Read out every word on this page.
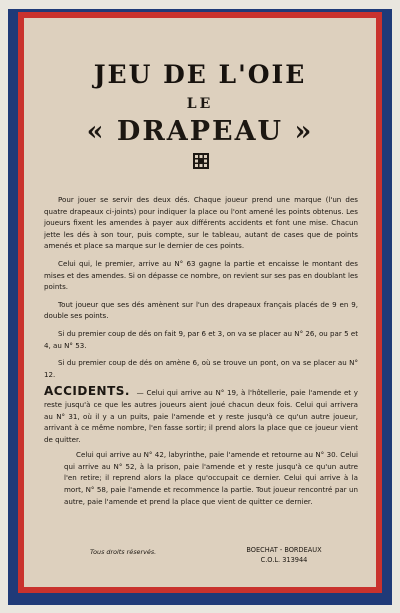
JEU DE L'OIE
LE
« DRAPEAU »

Pour jouer se servir des deux dés. Chaque joueur prend une marque (l'un des quatre drapeaux ci-joints) pour indiquer la place ou l'ont amené les points obtenus. Les joueurs fixent les amendes à payer aux différents accidents et font une mise. Chacun jette les dés à son tour, puis compte, sur le tableau, autant de cases que de points amenés et place sa marque sur le dernier de ces points.

Celui qui, le premier, arrive au N° 63 gagne la partie et encaisse le montant des mises et des amendes. Si on dépasse ce nombre, on revient sur ses pas en doublant les points.

Tout joueur que ses dés amènent sur l'un des drapeaux français placés de 9 en 9, double ses points.

Si du premier coup de dés on fait 9, par 6 et 3, on va se placer au N° 26, ou par 5 et 4, au N° 53.

Si du premier coup de dés on amène 6, où se trouve un pont, on va se placer au N° 12.

ACCIDENTS. — Celui qui arrive au N° 19, à l'hôtellerie, paie l'amende et y reste jusqu'à ce que les autres joueurs aient joué chacun deux fois. Celui qui arrivera au N° 31, où il y a un puits, paie l'amende et y reste jusqu'à ce qu'un autre joueur, arrivant à ce même nombre, l'en fasse sortir; il prend alors la place que ce joueur vient de quitter.

Celui qui arrive au N° 42, labyrinthe, paie l'amende et retourne au N° 30. Celui qui arrive au N° 52, à la prison, paie l'amende et y reste jusqu'à ce qu'un autre l'en retire; il reprend alors la place qu'occupait ce dernier. Celui qui arrive à la mort, N° 58, paie l'amende et recommence la partie. Tout joueur rencontré par un autre, paie l'amende et prend la place que vient de quitter ce dernier.

Tous droits réservés.	BOECHAT - BORDEAUX
C.O.L. 313944
